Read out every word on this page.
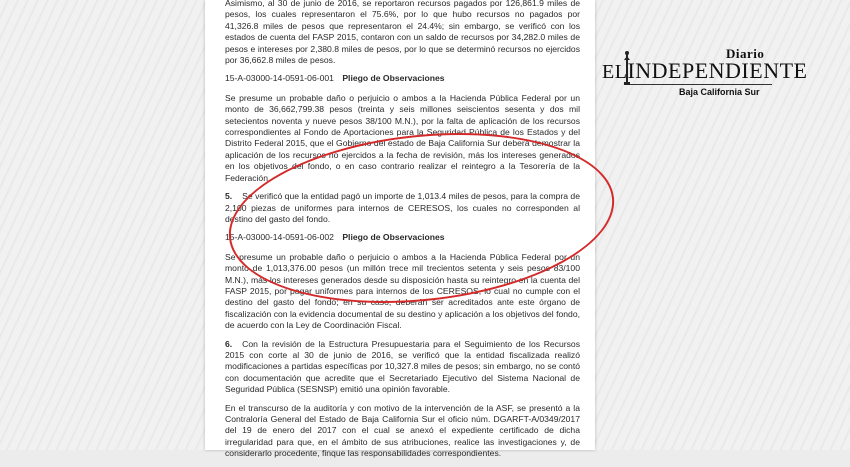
Asimismo, al 30 de junio de 2016, se reportaron recursos pagados por 126,861.9 miles de pesos, los cuales representaron el 75.6%, por lo que hubo recursos no pagados por 41,326.8 miles de pesos que representaron el 24.4%; sin embargo, se verificó con los estados de cuenta del FASP 2015, contaron con un saldo de recursos por 34,282.0 miles de pesos e intereses por 2,380.8 miles de pesos, por lo que se determinó recursos no ejercidos por 36,662.8 miles de pesos.

15-A-03000-14-0591-06-001 Pliego de Observaciones

Se presume un probable daño o perjuicio o ambos a la Hacienda Pública Federal por un monto de 36,662,799.38 pesos (treinta y seis millones seiscientos sesenta y dos mil setecientos noventa y nueve pesos 38/100 M.N.), por la falta de aplicación de los recursos correspondientes al Fondo de Aportaciones para la Seguridad Pública de los Estados y del Distrito Federal 2015, que el Gobierno del estado de Baja California Sur deberá demostrar la aplicación de los recursos no ejercidos a la fecha de revisión, más los intereses generados en los objetivos del fondo, o en caso contrario realizar el reintegro a la Tesorería de la Federación.

5. Se verificó que la entidad pagó un importe de 1,013.4 miles de pesos, para la compra de 2,100 piezas de uniformes para internos de CERESOS, los cuales no corresponden al destino del gasto del fondo.

15-A-03000-14-0591-06-002 Pliego de Observaciones

Se presume un probable daño o perjuicio o ambos a la Hacienda Pública Federal por un monto de 1,013,376.00 pesos (un millón trece mil trecientos setenta y seis pesos 83/100 M.N.), más los intereses generados desde su disposición hasta su reintegro en la cuenta del FASP 2015, por pagar uniformes para internos de los CERESOS, lo cual no cumple con el destino del gasto del fondo; en su caso, deberán ser acreditados ante este órgano de fiscalización con la evidencia documental de su destino y aplicación a los objetivos del fondo, de acuerdo con la Ley de Coordinación Fiscal.

6. Con la revisión de la Estructura Presupuestaria para el Seguimiento de los Recursos 2015 con corte al 30 de junio de 2016, se verificó que la entidad fiscalizada realizó modificaciones a partidas específicas por 10,327.8 miles de pesos; sin embargo, no se contó con documentación que acredite que el Secretariado Ejecutivo del Sistema Nacional de Seguridad Pública (SESNSP) emitió una opinión favorable.

En el transcurso de la auditoría y con motivo de la intervención de la ASF, se presentó a la Contraloría General del Estado de Baja California Sur el oficio núm. DGARFT-A/0349/2017 del 19 de enero del 2017 con el cual se anexó el expediente certificado de dicha irregularidad para que, en el ámbito de sus atribuciones, realice las investigaciones y, de considerarlo procedente, finque las responsabilidades correspondientes.

Diario
ELINDEPENDIENTE
Baja California Sur
